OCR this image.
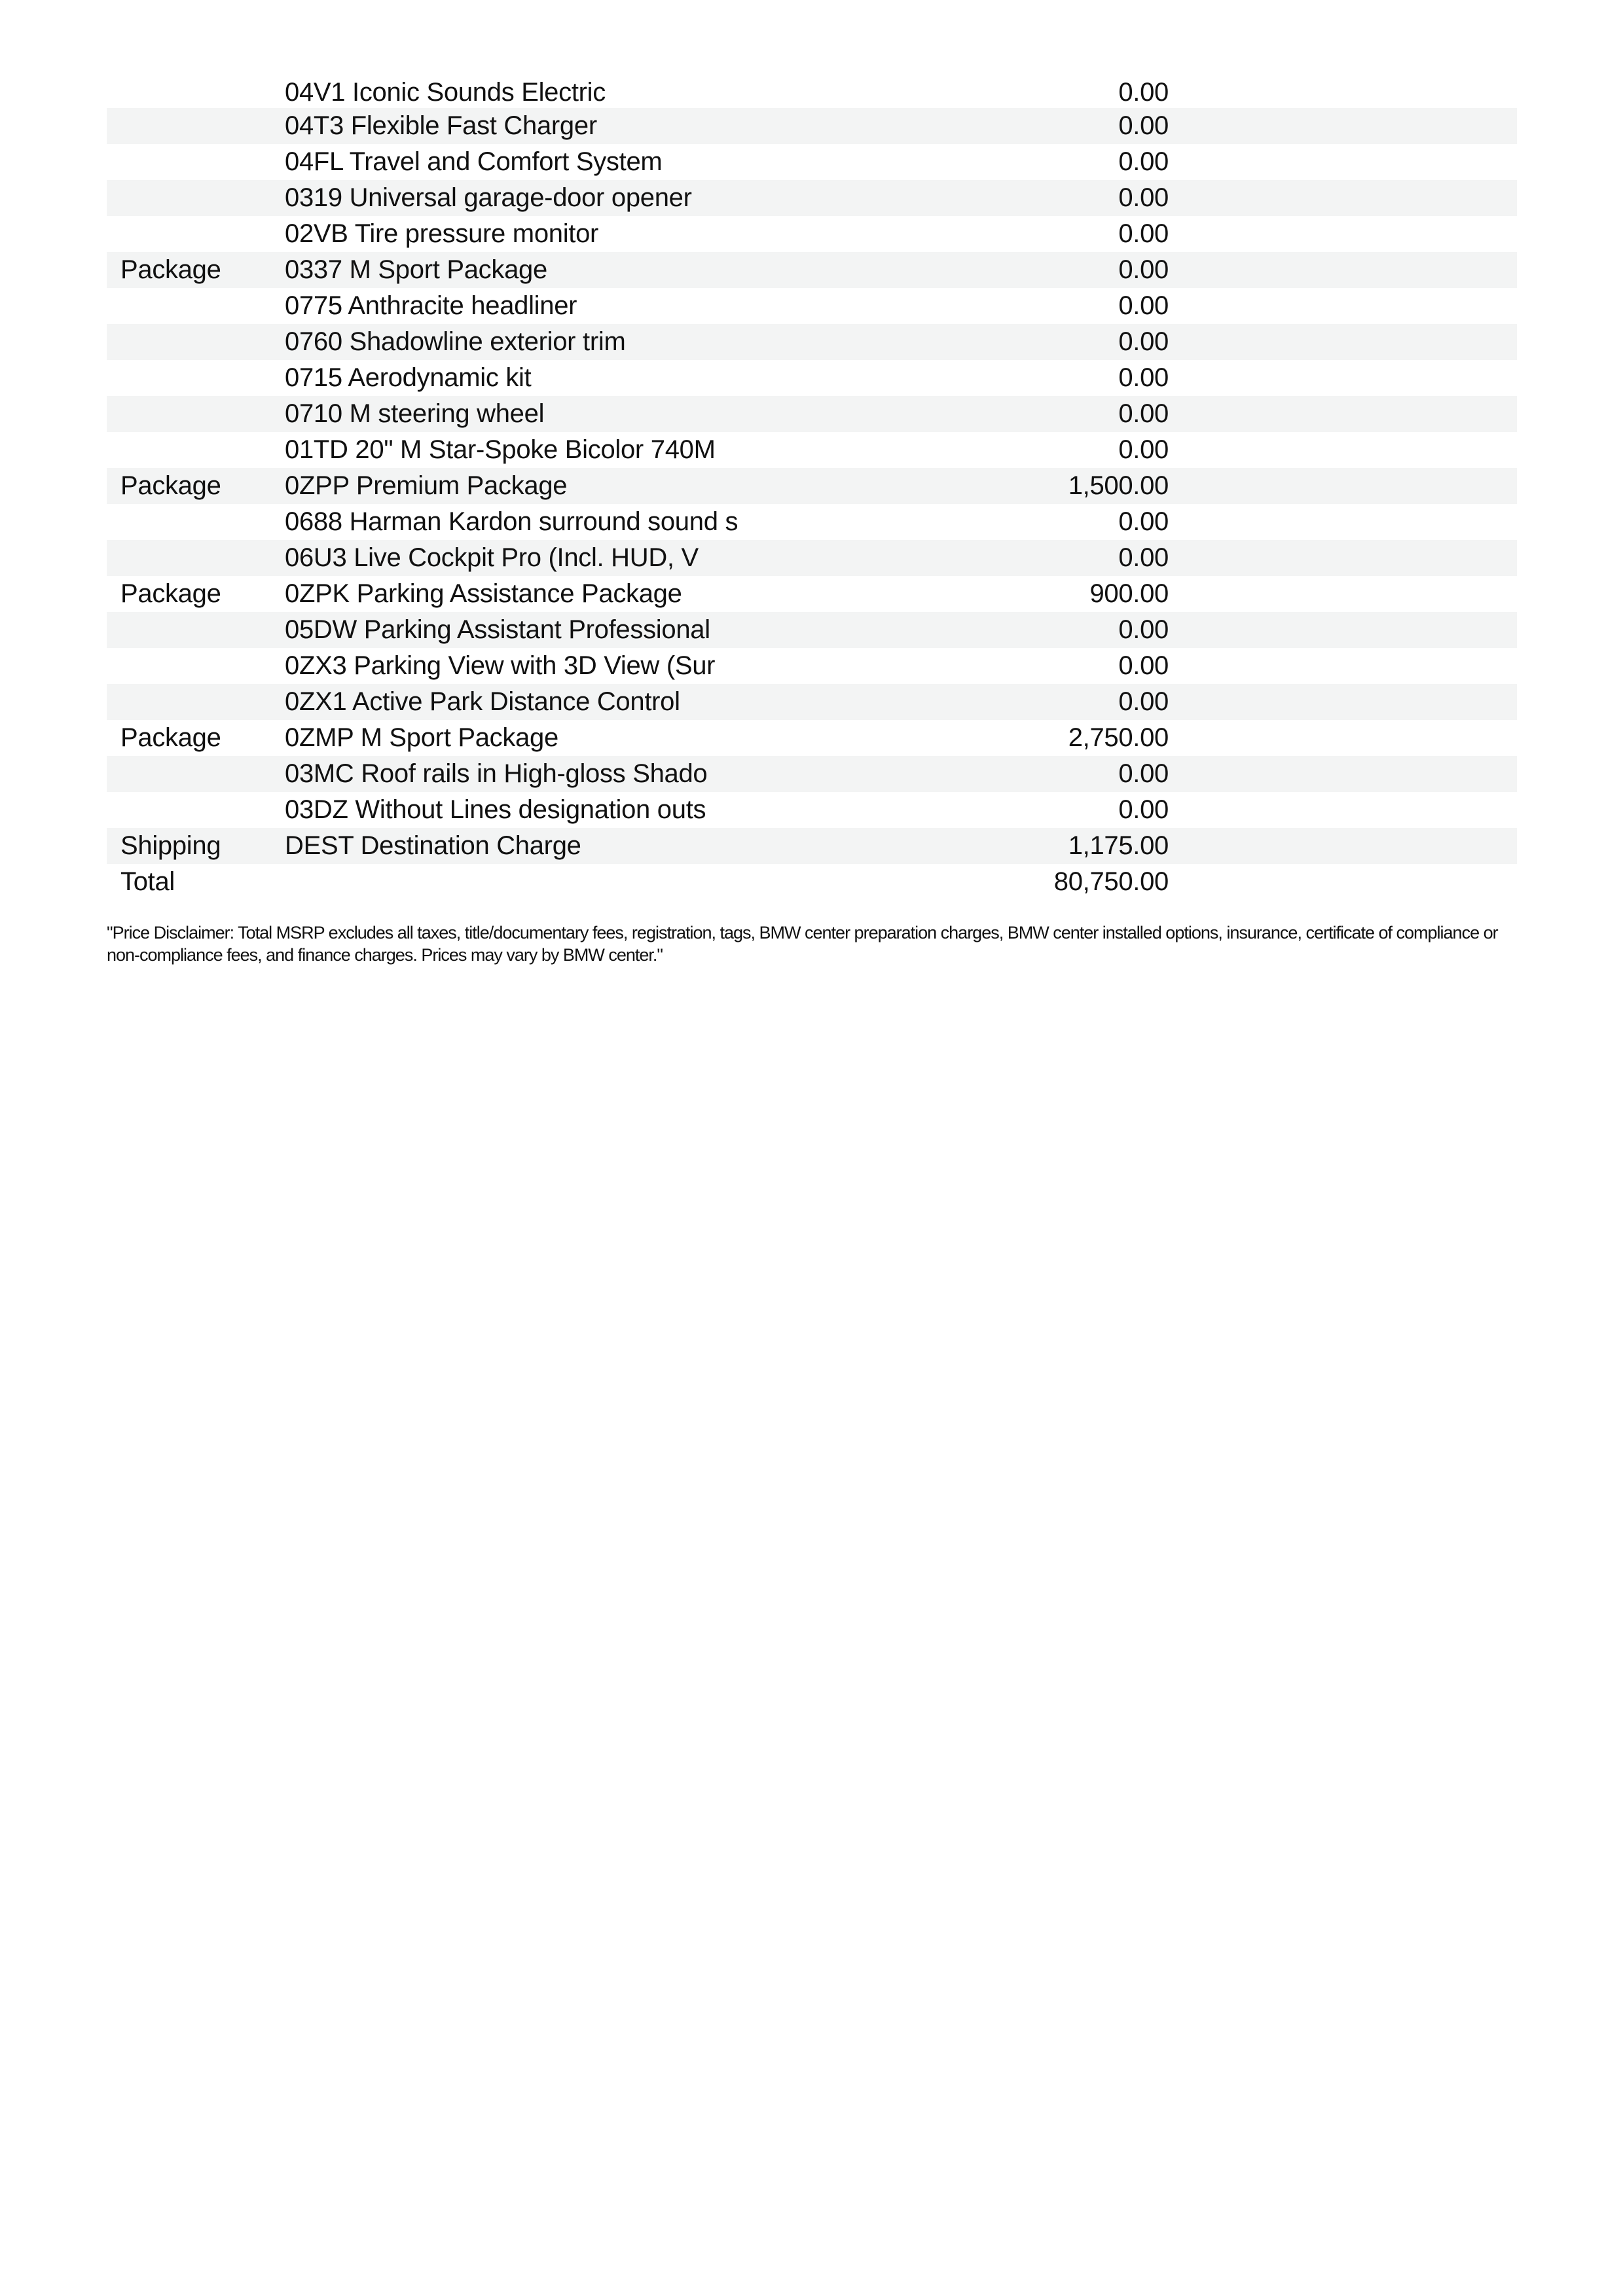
04V1 Iconic Sounds Electric	0.00
04T3 Flexible Fast Charger	0.00
04FL Travel and Comfort System	0.00
0319 Universal garage-door opener	0.00
02VB Tire pressure monitor	0.00
Package 0337 M Sport Package	0.00
0775 Anthracite headliner	0.00
0760 Shadowline exterior trim	0.00
0715 Aerodynamic kit	0.00
0710 M steering wheel	0.00
01TD 20" M Star-Spoke Bicolor 740M	0.00
Package 0ZPP Premium Package	1,500.00
0688 Harman Kardon surround sound s	0.00
06U3 Live Cockpit Pro (Incl. HUD, V	0.00
Package 0ZPK Parking Assistance Package	900.00
05DW Parking Assistant Professional	0.00
0ZX3 Parking View with 3D View (Sur	0.00
0ZX1 Active Park Distance Control	0.00
Package 0ZMP M Sport Package	2,750.00
03MC Roof rails in High-gloss Shado	0.00
03DZ Without Lines designation outs	0.00
Shipping DEST Destination Charge	1,175.00
Total	80,750.00
"Price Disclaimer: Total MSRP excludes all taxes, title/documentary fees, registration, tags, BMW center preparation charges, BMW center installed options, insurance, certificate of compliance or non-compliance fees, and finance charges. Prices may vary by BMW center."
